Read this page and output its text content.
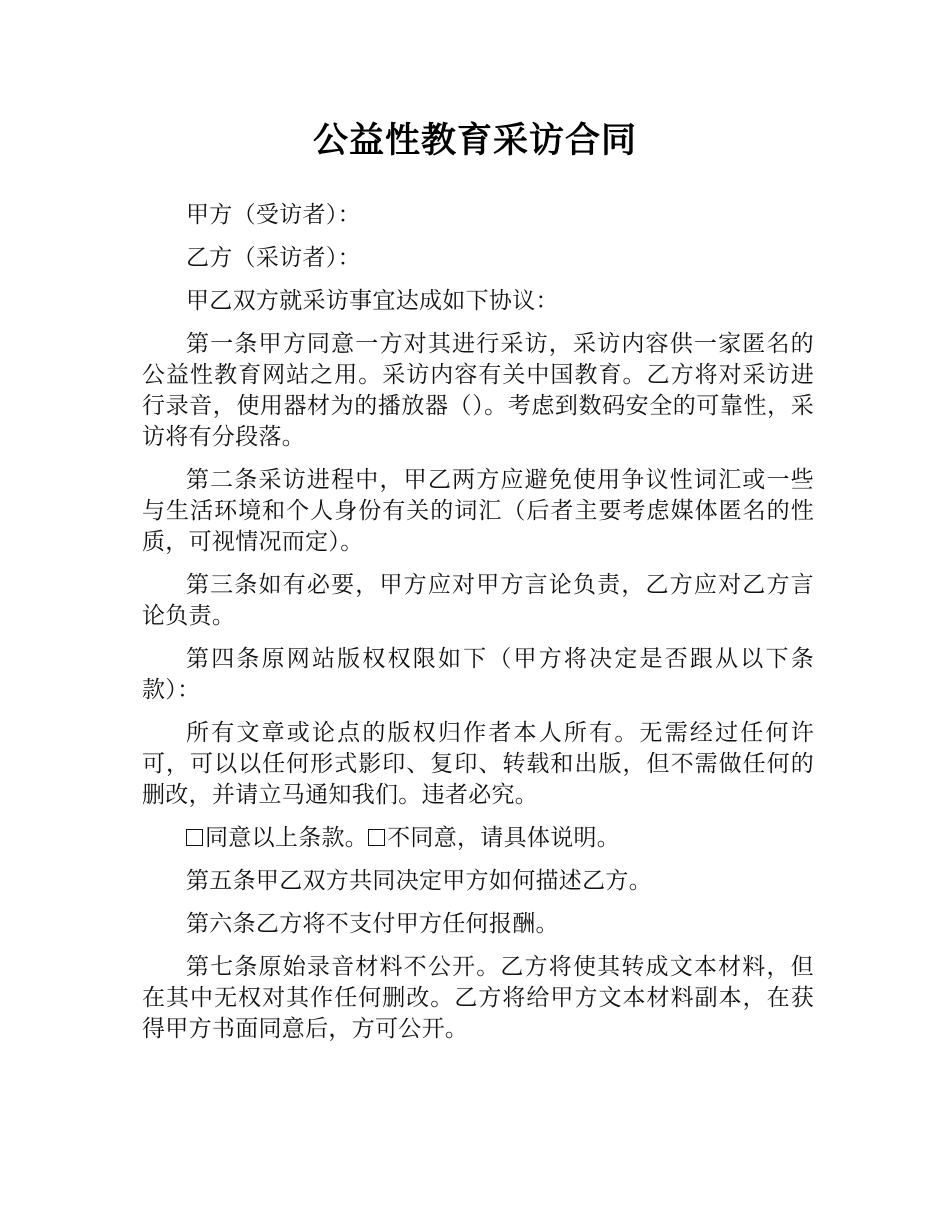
公益性教育采访合同

甲方（受访者）：

乙方（采访者）：

甲乙双方就采访事宜达成如下协议：

第一条甲方同意一方对其进行采访，采访内容供一家匿名的公益性教育网站之用。采访内容有关中国教育。乙方将对采访进行录音，使用器材为的播放器（）。考虑到数码安全的可靠性，采访将有分段落。

第二条采访进程中，甲乙两方应避免使用争议性词汇或一些与生活环境和个人身份有关的词汇（后者主要考虑媒体匿名的性质，可视情况而定）。

第三条如有必要，甲方应对甲方言论负责，乙方应对乙方言论负责。

第四条原网站版权权限如下（甲方将决定是否跟从以下条款）：

所有文章或论点的版权归作者本人所有。无需经过任何许可，可以以任何形式影印、复印、转载和出版，但不需做任何的删改，并请立马通知我们。违者必究。

同意以上条款。 不同意，请具体说明。

第五条甲乙双方共同决定甲方如何描述乙方。

第六条乙方将不支付甲方任何报酬。

第七条原始录音材料不公开。乙方将使其转成文本材料，但在其中无权对其作任何删改。乙方将给甲方文本材料副本，在获得甲方书面同意后，方可公开。
